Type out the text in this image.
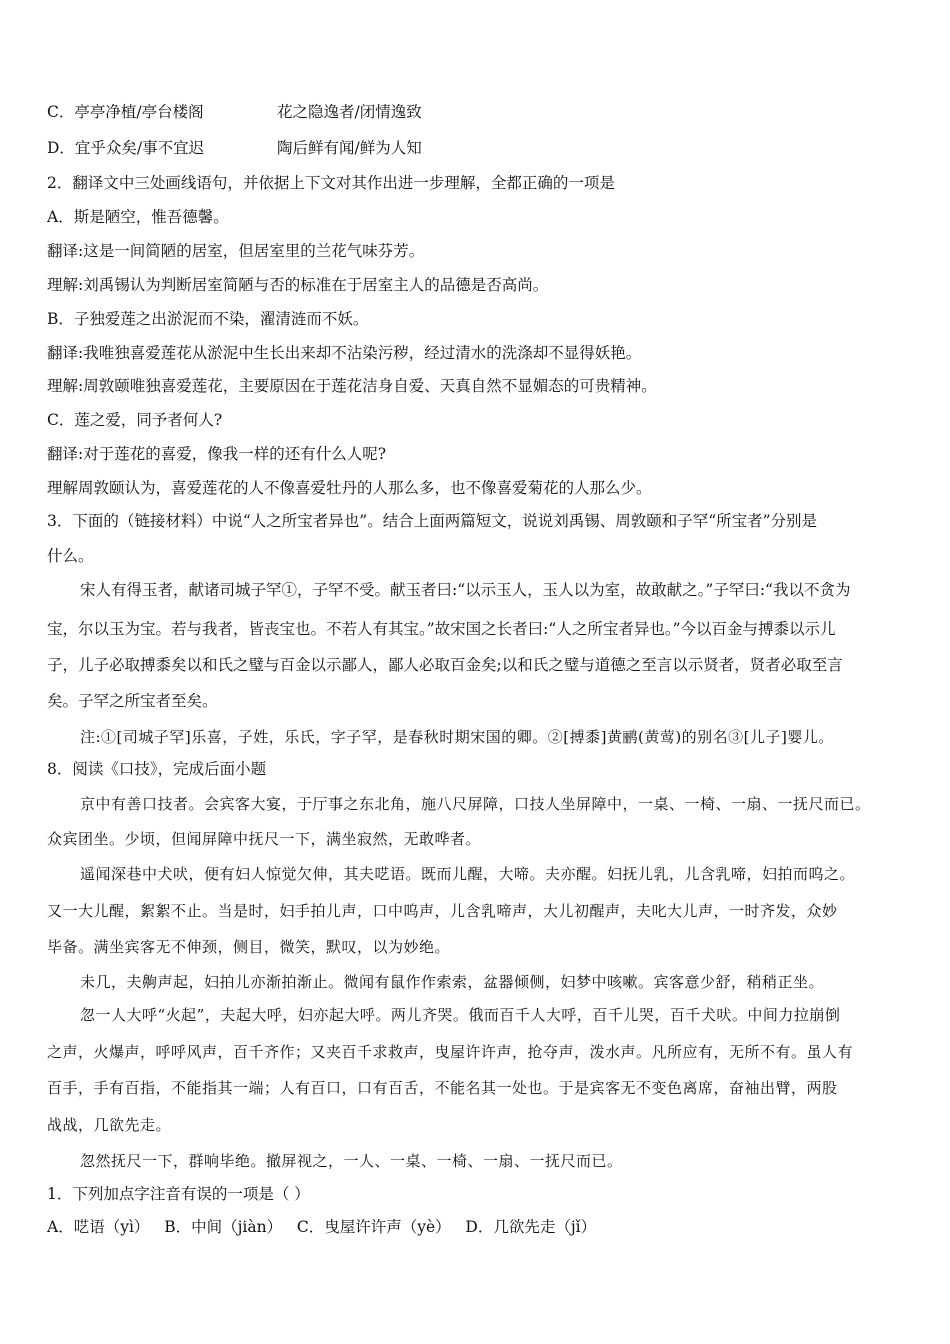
C．亭亭净植/亭台楼阁	花之隐逸者/闭情逸致
D．宜乎众矣/事不宜迟	陶后鲜有闻/鲜为人知
2．翻译文中三处画线语句，并依据上下文对其作出进一步理解，全都正确的一项是
A．斯是陋空，惟吾德馨。
翻译:这是一间简陋的居室，但居室里的兰花气味芬芳。
理解:刘禹锡认为判断居室简陋与否的标准在于居室主人的品德是否高尚。
B．子独爱莲之出淤泥而不染，濯清涟而不妖。
翻译:我唯独喜爱莲花从淤泥中生长出来却不沾染污秽，经过清水的洗涤却不显得妖艳。
理解:周敦颐唯独喜爱莲花，主要原因在于莲花洁身自爱、天真自然不显媚态的可贵精神。
C．莲之爱，同予者何人?
翻译:对于莲花的喜爱，像我一样的还有什么人呢?
理解周敦颐认为，喜爱莲花的人不像喜爱牡丹的人那么多，也不像喜爱菊花的人那么少。
3．下面的（链接材料）中说“人之所宝者异也”。结合上面两篇短文，说说刘禹锡、周敦颐和子罕“所宝者”分别是
什么。
宋人有得玉者，献诸司城子罕①，子罕不受。献玉者曰:“以示玉人，玉人以为室，故敢献之。”子罕曰:“我以不贪为
宝，尔以玉为宝。若与我者，皆丧宝也。不若人有其宝。”故宋国之长者曰:“人之所宝者异也。”今以百金与搏黍以示儿
子，儿子必取搏黍矣以和氏之璧与百金以示鄙人，鄙人必取百金矣;以和氏之璧与道德之至言以示贤者，贤者必取至言
矣。子罕之所宝者至矣。
注:①[司城子罕]乐喜，子姓，乐氏，字子罕，是春秋时期宋国的卿。②[搏黍]黄鹂(黄莺)的别名③[儿子]婴儿。
8．阅读《口技》，完成后面小题
京中有善口技者。会宾客大宴，于厅事之东北角，施八尺屏障，口技人坐屏障中，一桌、一椅、一扇、一抚尺而已。
众宾团坐。少顷，但闻屏障中抚尺一下，满坐寂然，无敢哗者。
遥闻深巷中犬吠，便有妇人惊觉欠伸，其夫呓语。既而儿醒，大啼。夫亦醒。妇抚儿乳，儿含乳啼，妇拍而呜之。
又一大儿醒，絮絮不止。当是时，妇手拍儿声，口中呜声，儿含乳啼声，大儿初醒声，夫叱大儿声，一时齐发，众妙
毕备。满坐宾客无不伸颈，侧目，微笑，默叹，以为妙绝。
未几，夫齁声起，妇拍儿亦渐拍渐止。微闻有鼠作作索索，盆器倾侧，妇梦中咳嗽。宾客意少舒，稍稍正坐。
忽一人大呼“火起”，夫起大呼，妇亦起大呼。两儿齐哭。俄而百千人大呼，百千儿哭，百千犬吠。中间力拉崩倒
之声，火爆声，呼呼风声，百千齐作；又夹百千求救声，曳屋许许声，抢夺声，泼水声。凡所应有，无所不有。虽人有
百手，手有百指，不能指其一端；人有百口，口有百舌，不能名其一处也。于是宾客无不变色离席，奋袖出臂，两股
战战，几欲先走。
忽然抚尺一下，群响毕绝。撤屏视之，一人、一桌、一椅、一扇、一抚尺而已。
1．下列加点字注音有误的一项是（ ）
A．呓语（yì）   B．中间（jiàn）   C．曳屋许许声（yè）   D．几欲先走（jǐ）
